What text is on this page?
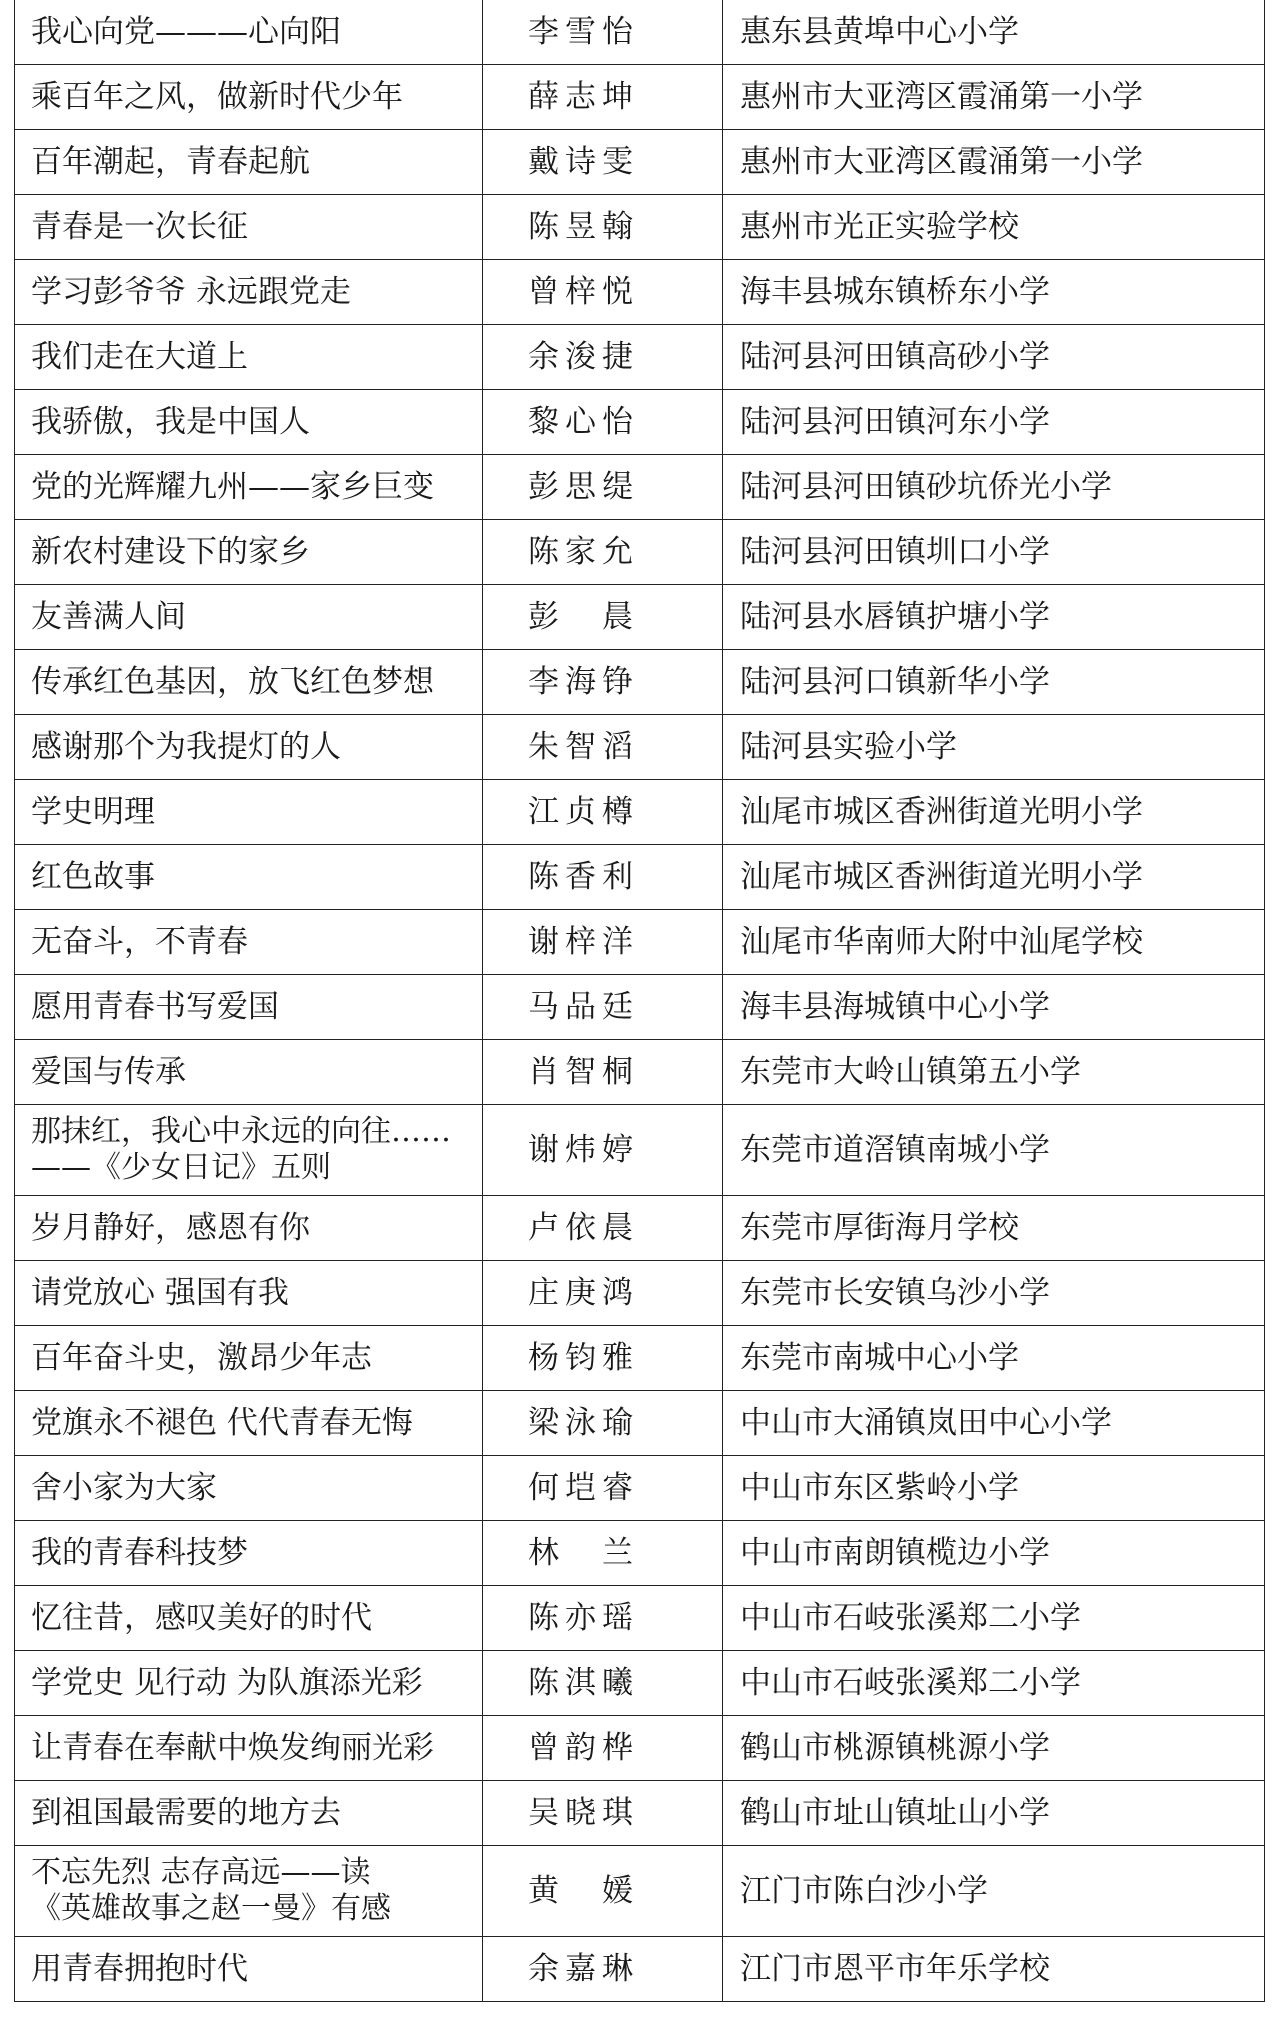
我心向党———心向阳	李雪怡	惠东县黄埠中心小学
乘百年之风，做新时代少年	薛志坤	惠州市大亚湾区霞涌第一小学
百年潮起，青春起航	戴诗雯	惠州市大亚湾区霞涌第一小学
青春是一次长征	陈昱翰	惠州市光正实验学校
学习彭爷爷 永远跟党走	曾梓悦	海丰县城东镇桥东小学
我们走在大道上	余浚捷	陆河县河田镇高砂小学
我骄傲，我是中国人	黎心怡	陆河县河田镇河东小学
党的光辉耀九州——家乡巨变	彭思缇	陆河县河田镇砂坑侨光小学
新农村建设下的家乡	陈家允	陆河县河田镇圳口小学
友善满人间	彭　晨	陆河县水唇镇护塘小学
传承红色基因，放飞红色梦想	李海铮	陆河县河口镇新华小学
感谢那个为我提灯的人	朱智滔	陆河县实验小学
学史明理	江贞樽	汕尾市城区香洲街道光明小学
红色故事	陈香利	汕尾市城区香洲街道光明小学
无奋斗，不青春	谢梓洋	汕尾市华南师大附中汕尾学校
愿用青春书写爱国	马品廷	海丰县海城镇中心小学
爱国与传承	肖智桐	东莞市大岭山镇第五小学
那抹红，我心中永远的向往……
——《少女日记》五则	谢炜婷	东莞市道滘镇南城小学
岁月静好，感恩有你	卢依晨	东莞市厚街海月学校
请党放心 强国有我	庄庚鸿	东莞市长安镇乌沙小学
百年奋斗史，激昂少年志	杨钧雅	东莞市南城中心小学
党旗永不褪色 代代青春无悔	梁泳瑜	中山市大涌镇岚田中心小学
舍小家为大家	何垲睿	中山市东区紫岭小学
我的青春科技梦	林　兰	中山市南朗镇榄边小学
忆往昔，感叹美好的时代	陈亦瑶	中山市石岐张溪郑二小学
学党史 见行动 为队旗添光彩	陈淇曦	中山市石岐张溪郑二小学
让青春在奉献中焕发绚丽光彩	曾韵桦	鹤山市桃源镇桃源小学
到祖国最需要的地方去	吴晓琪	鹤山市址山镇址山小学
不忘先烈 志存高远——读
《英雄故事之赵一曼》有感	黄　媛	江门市陈白沙小学
用青春拥抱时代	余嘉琳	江门市恩平市年乐学校
